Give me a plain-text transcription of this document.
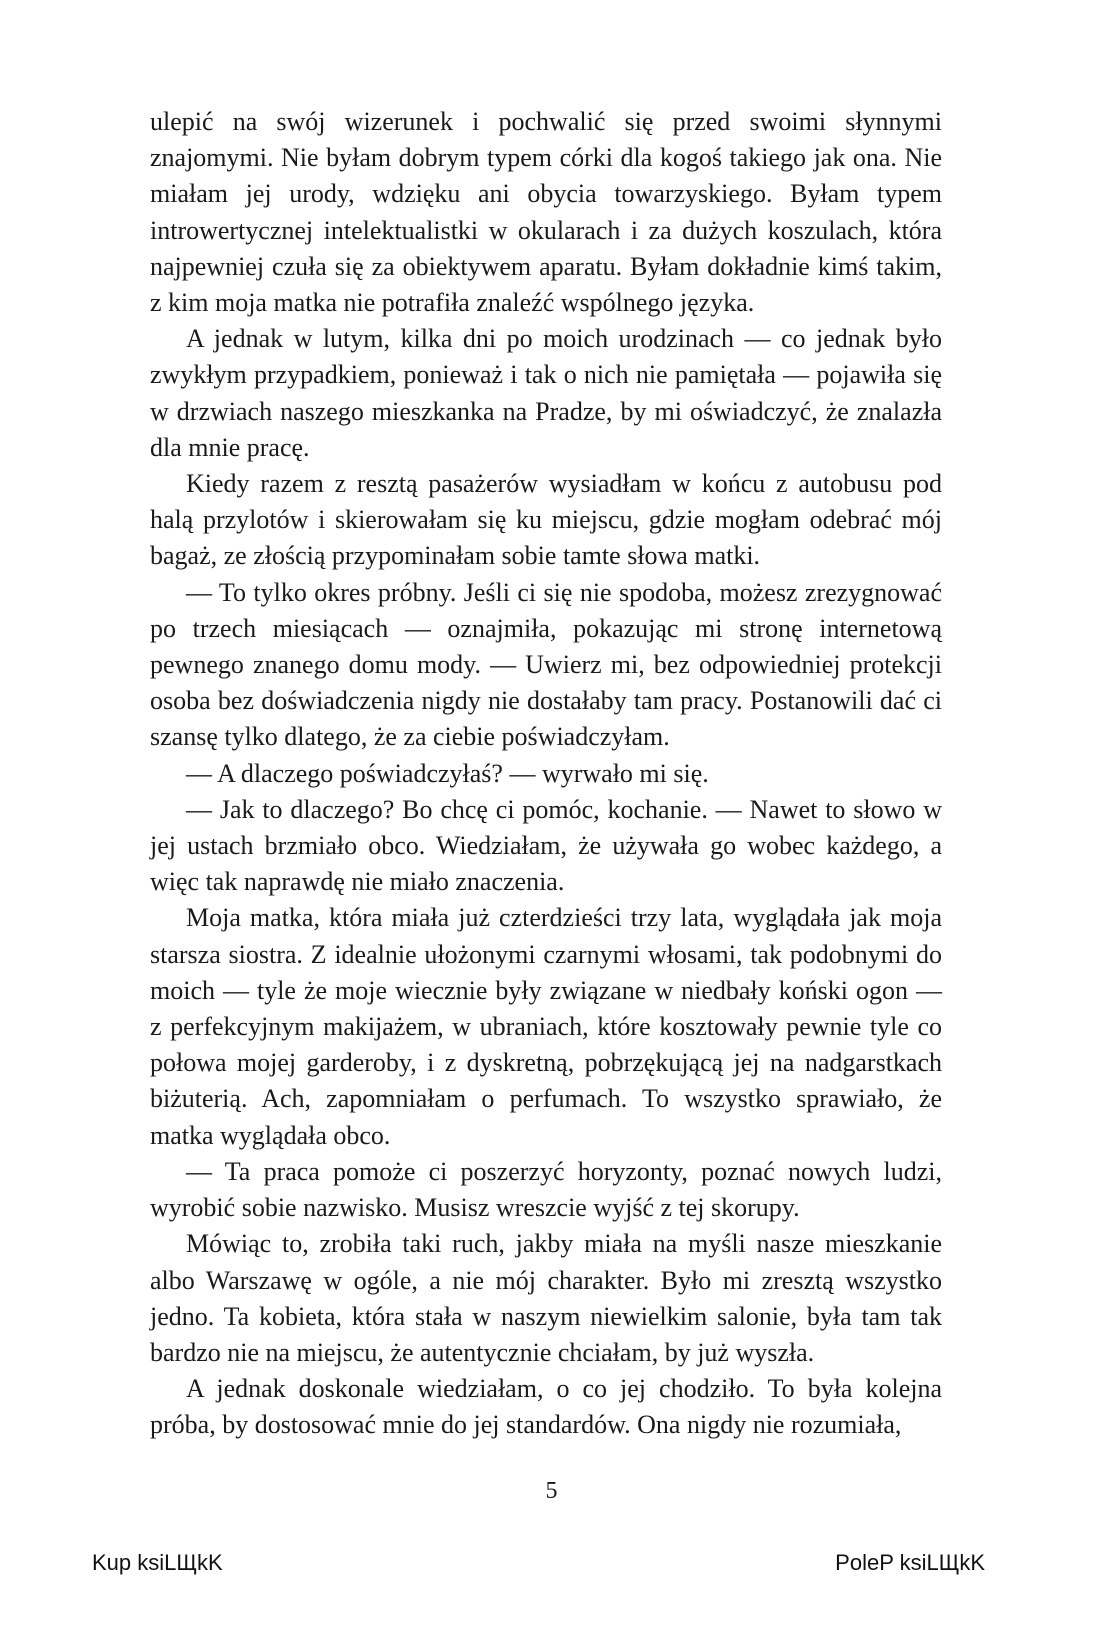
ulepić na swój wizerunek i pochwalić się przed swoimi słynnymi znajomymi. Nie byłam dobrym typem córki dla kogoś takiego jak ona. Nie miałam jej urody, wdzięku ani obycia towarzyskiego. Byłam typem introwertycznej intelektualistki w okularach i za dużych koszulach, która najpewniej czuła się za obiektywem aparatu. Byłam dokładnie kimś takim, z kim moja matka nie potrafiła znaleźć wspólnego języka.

A jednak w lutym, kilka dni po moich urodzinach — co jednak było zwykłym przypadkiem, ponieważ i tak o nich nie pamiętała — pojawiła się w drzwiach naszego mieszkanka na Pradze, by mi oświadczyć, że znalazła dla mnie pracę.

Kiedy razem z resztą pasażerów wysiadłam w końcu z autobusu pod halą przylotów i skierowałam się ku miejscu, gdzie mogłam odebrać mój bagaż, ze złością przypominałam sobie tamte słowa matki.

— To tylko okres próbny. Jeśli ci się nie spodoba, możesz zrezygnować po trzech miesiącach — oznajmiła, pokazując mi stronę internetową pewnego znanego domu mody. — Uwierz mi, bez odpowiedniej protekcji osoba bez doświadczenia nigdy nie dostałaby tam pracy. Postanowili dać ci szansę tylko dlatego, że za ciebie poświadczyłam.

— A dlaczego poświadczyłaś? — wyrwało mi się.

— Jak to dlaczego? Bo chcę ci pomóc, kochanie. — Nawet to słowo w jej ustach brzmiało obco. Wiedziałam, że używała go wobec każdego, a więc tak naprawdę nie miało znaczenia.

Moja matka, która miała już czterdzieści trzy lata, wyglądała jak moja starsza siostra. Z idealnie ułożonymi czarnymi włosami, tak podobnymi do moich — tyle że moje wiecznie były związane w niedbały koński ogon — z perfekcyjnym makijażem, w ubraniach, które kosztowały pewnie tyle co połowa mojej garderoby, i z dyskretną, pobrzękującą jej na nadgarstkach biżuterią. Ach, zapomniałam o perfumach. To wszystko sprawiało, że matka wyglądała obco.

— Ta praca pomoże ci poszerzyć horyzonty, poznać nowych ludzi, wyrobić sobie nazwisko. Musisz wreszcie wyjść z tej skorupy.

Mówiąc to, zrobiła taki ruch, jakby miała na myśli nasze mieszkanie albo Warszawę w ogóle, a nie mój charakter. Było mi zresztą wszystko jedno. Ta kobieta, która stała w naszym niewielkim salonie, była tam tak bardzo nie na miejscu, że autentycznie chciałam, by już wyszła.

A jednak doskonale wiedziałam, o co jej chodziło. To była kolejna próba, by dostosować mnie do jej standardów. Ona nigdy nie rozumiała,

5
Kup ksiLЩkK	PoleP ksiLЩkK
